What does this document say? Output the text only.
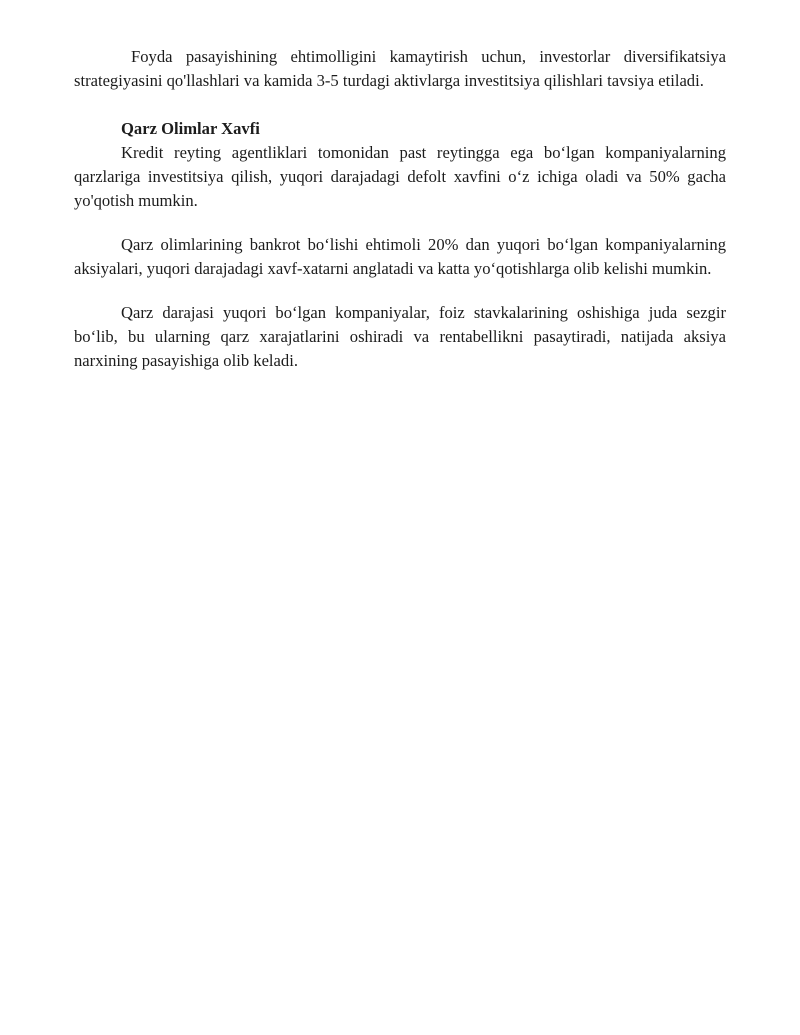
Foyda pasayishining ehtimolligini kamaytirish uchun, investorlar diversifikatsiya strategiyasini qo'llashlari va kamida 3-5 turdagi aktivlarga investitsiya qilishlari tavsiya etiladi.

Qarz Olimlar Xavfi

Kredit reyting agentliklari tomonidan past reytingga ega bo‘lgan kompaniyalarning qarzlariga investitsiya qilish, yuqori darajadagi defolt xavfini o‘z ichiga oladi va 50% gacha yo'qotish mumkin.

Qarz olimlarining bankrot bo‘lishi ehtimoli 20% dan yuqori bo‘lgan kompaniyalarning aksiyalari, yuqori darajadagi xavf-xatarni anglatadi va katta yo‘qotishlarga olib kelishi mumkin.

Qarz darajasi yuqori bo‘lgan kompaniyalar, foiz stavkalarining oshishiga juda sezgir bo‘lib, bu ularning qarz xarajatlarini oshiradi va rentabellikni pasaytiradi, natijada aksiya narxining pasayishiga olib keladi.
